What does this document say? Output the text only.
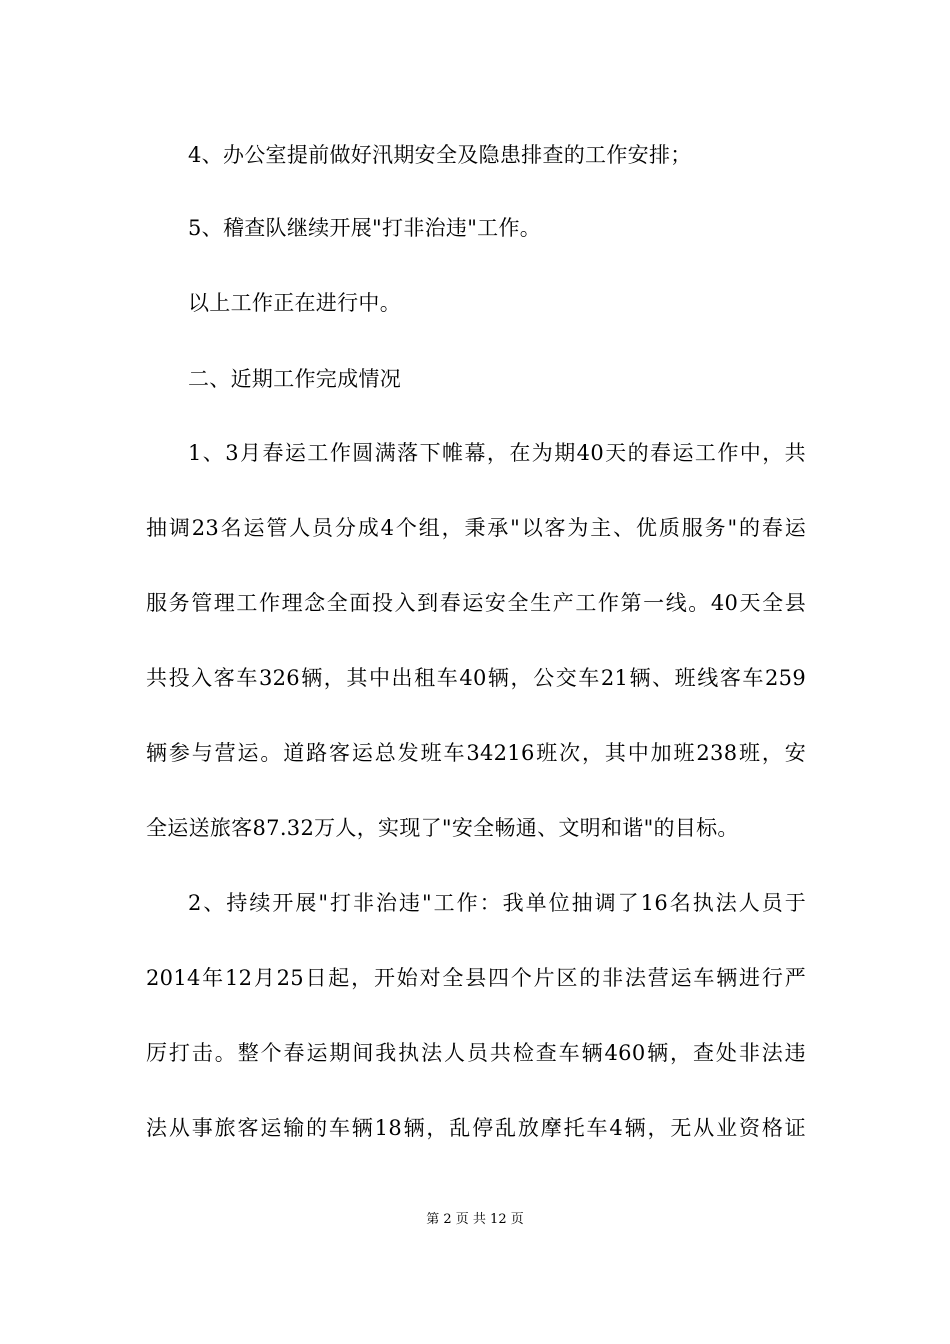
4、办公室提前做好汛期安全及隐患排查的工作安排；
5、稽查队继续开展"打非治违"工作。
以上工作正在进行中。
二、近期工作完成情况
1、3月春运工作圆满落下帷幕，在为期40天的春运工作中，共
抽调23名运管人员分成4个组，秉承"以客为主、优质服务"的春运
服务管理工作理念全面投入到春运安全生产工作第一线。40天全县
共投入客车326辆，其中出租车40辆，公交车21辆、班线客车259
辆参与营运。道路客运总发班车34216班次，其中加班238班，安
全运送旅客87.32万人，实现了"安全畅通、文明和谐"的目标。
2、持续开展"打非治违"工作：我单位抽调了16名执法人员于
2014年12月25日起，开始对全县四个片区的非法营运车辆进行严
厉打击。整个春运期间我执法人员共检查车辆460辆，查处非法违
法从事旅客运输的车辆18辆，乱停乱放摩托车4辆，无从业资格证
第 2 页 共 12 页
